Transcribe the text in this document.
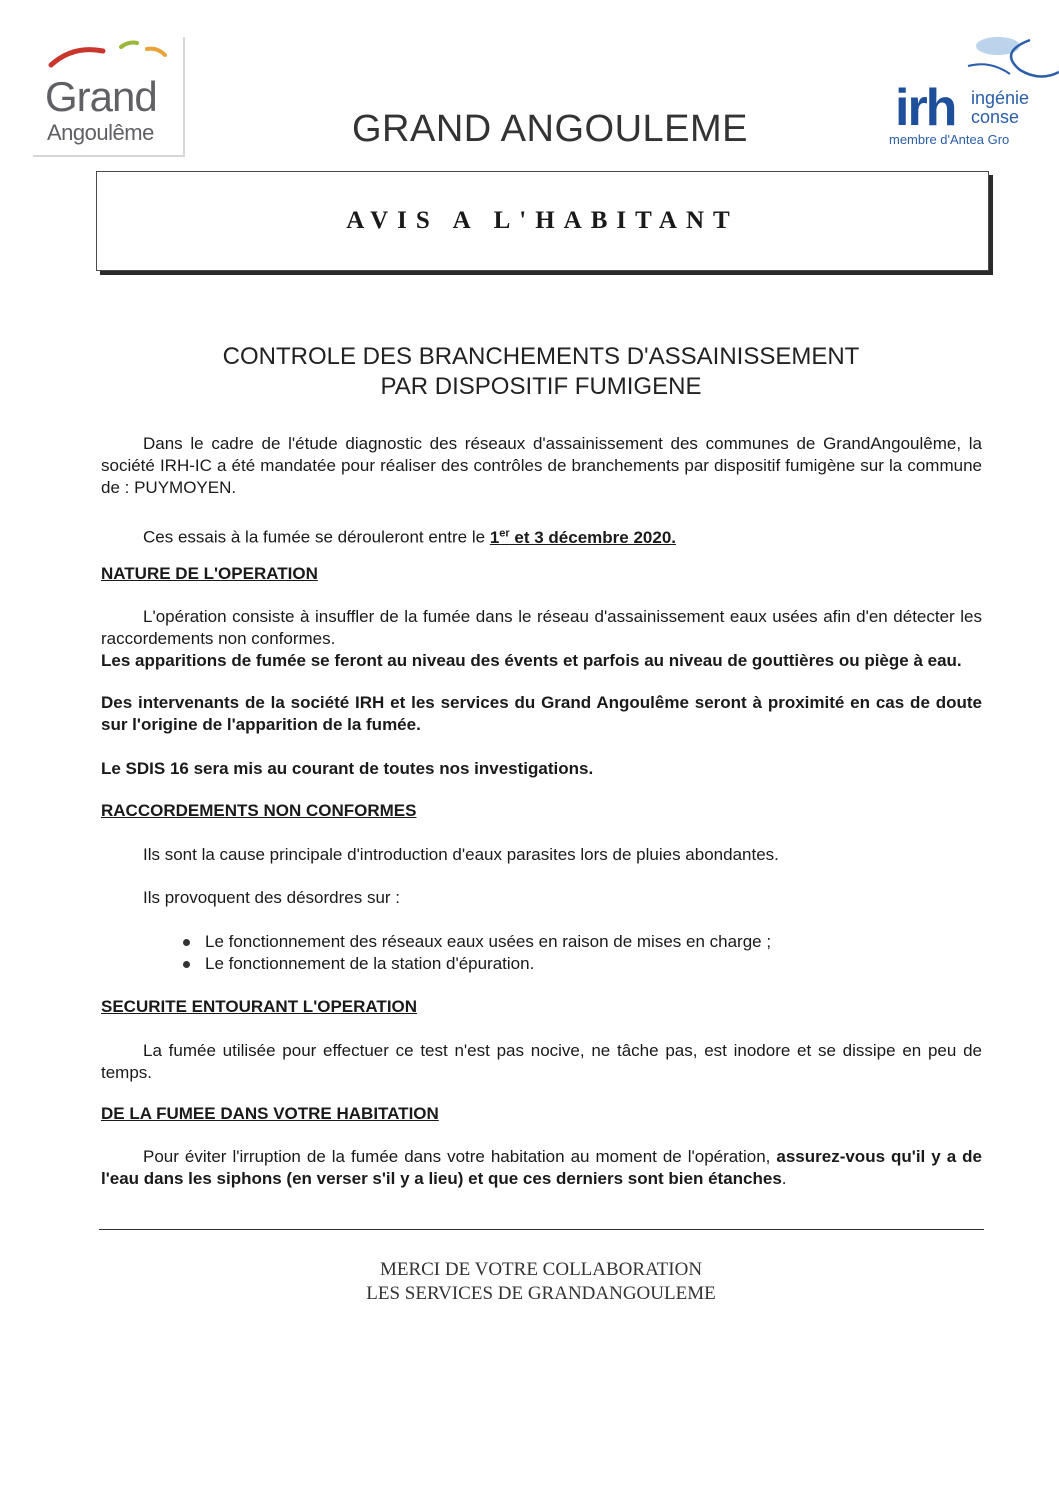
Grand
Angoulême	irh ingénie
conse
membre d'Antea Gro
GRAND ANGOULEME
AVIS A L'HABITANT
CONTROLE DES BRANCHEMENTS D'ASSAINISSEMENT
PAR DISPOSITIF FUMIGENE
Dans le cadre de l'étude diagnostic des réseaux d'assainissement des communes de GrandAngoulême, la société IRH-IC a été mandatée pour réaliser des contrôles de branchements par dispositif fumigène sur la commune de : PUYMOYEN.
Ces essais à la fumée se dérouleront entre le 1er et 3 décembre 2020.
NATURE DE L'OPERATION
L'opération consiste à insuffler de la fumée dans le réseau d'assainissement eaux usées afin d'en détecter les raccordements non conformes.
Les apparitions de fumée se feront au niveau des évents et parfois au niveau de gouttières ou piège à eau.
Des intervenants de la société IRH et les services du Grand Angoulême seront à proximité en cas de doute sur l'origine de l'apparition de la fumée.
Le SDIS 16 sera mis au courant de toutes nos investigations.
RACCORDEMENTS NON CONFORMES
Ils sont la cause principale d'introduction d'eaux parasites lors de pluies abondantes.
Ils provoquent des désordres sur :
Le fonctionnement des réseaux eaux usées en raison de mises en charge ;
Le fonctionnement de la station d'épuration.
SECURITE ENTOURANT L'OPERATION
La fumée utilisée pour effectuer ce test n'est pas nocive, ne tâche pas, est inodore et se dissipe en peu de temps.
DE LA FUMEE DANS VOTRE HABITATION
Pour éviter l'irruption de la fumée dans votre habitation au moment de l'opération, assurez-vous qu'il y a de l'eau dans les siphons (en verser s'il y a lieu) et que ces derniers sont bien étanches.
MERCI DE VOTRE COLLABORATION
LES SERVICES DE GRANDANGOULEME
